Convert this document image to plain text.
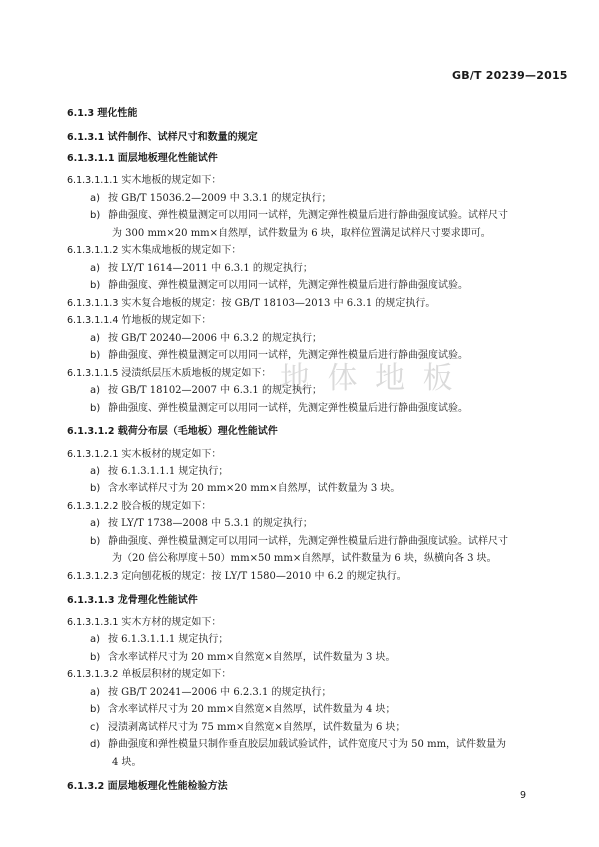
GB/T 20239—2015
地 体 地 板
6.1.3 理化性能
6.1.3.1 试件制作、试样尺寸和数量的规定
6.1.3.1.1 面层地板理化性能试件
6.1.3.1.1.1 实木地板的规定如下：
a) 按 GB/T 15036.2—2009 中 3.3.1 的规定执行；
b) 静曲强度、弹性模量测定可以用同一试样，先测定弹性模量后进行静曲强度试验。试样尺寸
为 300 mm×20 mm×自然厚，试件数量为 6 块，取样位置满足试样尺寸要求即可。
6.1.3.1.1.2 实木集成地板的规定如下：
a) 按 LY/T 1614—2011 中 6.3.1 的规定执行；
b) 静曲强度、弹性模量测定可以用同一试样，先测定弹性模量后进行静曲强度试验。
6.1.3.1.1.3 实木复合地板的规定：按 GB/T 18103—2013 中 6.3.1 的规定执行。
6.1.3.1.1.4 竹地板的规定如下：
a) 按 GB/T 20240—2006 中 6.3.2 的规定执行；
b) 静曲强度、弹性模量测定可以用同一试样，先测定弹性模量后进行静曲强度试验。
6.1.3.1.1.5 浸渍纸层压木质地板的规定如下：
a) 按 GB/T 18102—2007 中 6.3.1 的规定执行；
b) 静曲强度、弹性模量测定可以用同一试样，先测定弹性模量后进行静曲强度试验。
6.1.3.1.2 载荷分布层（毛地板）理化性能试件
6.1.3.1.2.1 实木板材的规定如下：
a) 按 6.1.3.1.1.1 规定执行；
b) 含水率试样尺寸为 20 mm×20 mm×自然厚，试件数量为 3 块。
6.1.3.1.2.2 胶合板的规定如下：
a) 按 LY/T 1738—2008 中 5.3.1 的规定执行；
b) 静曲强度、弹性模量测定可以用同一试样，先测定弹性模量后进行静曲强度试验。试样尺寸
为（20 倍公称厚度＋50）mm×50 mm×自然厚，试件数量为 6 块，纵横向各 3 块。
6.1.3.1.2.3 定向刨花板的规定：按 LY/T 1580—2010 中 6.2 的规定执行。
6.1.3.1.3 龙骨理化性能试件
6.1.3.1.3.1 实木方材的规定如下：
a) 按 6.1.3.1.1.1 规定执行；
b) 含水率试样尺寸为 20 mm×自然宽×自然厚，试件数量为 3 块。
6.1.3.1.3.2 单板层积材的规定如下：
a) 按 GB/T 20241—2006 中 6.2.3.1 的规定执行；
b) 含水率试样尺寸为 20 mm×自然宽×自然厚，试件数量为 4 块；
c) 浸渍剥离试样尺寸为 75 mm×自然宽×自然厚，试件数量为 6 块；
d) 静曲强度和弹性模量只制作垂直胶层加载试验试件，试件宽度尺寸为 50 mm，试件数量为
4 块。
6.1.3.2 面层地板理化性能检验方法
9
